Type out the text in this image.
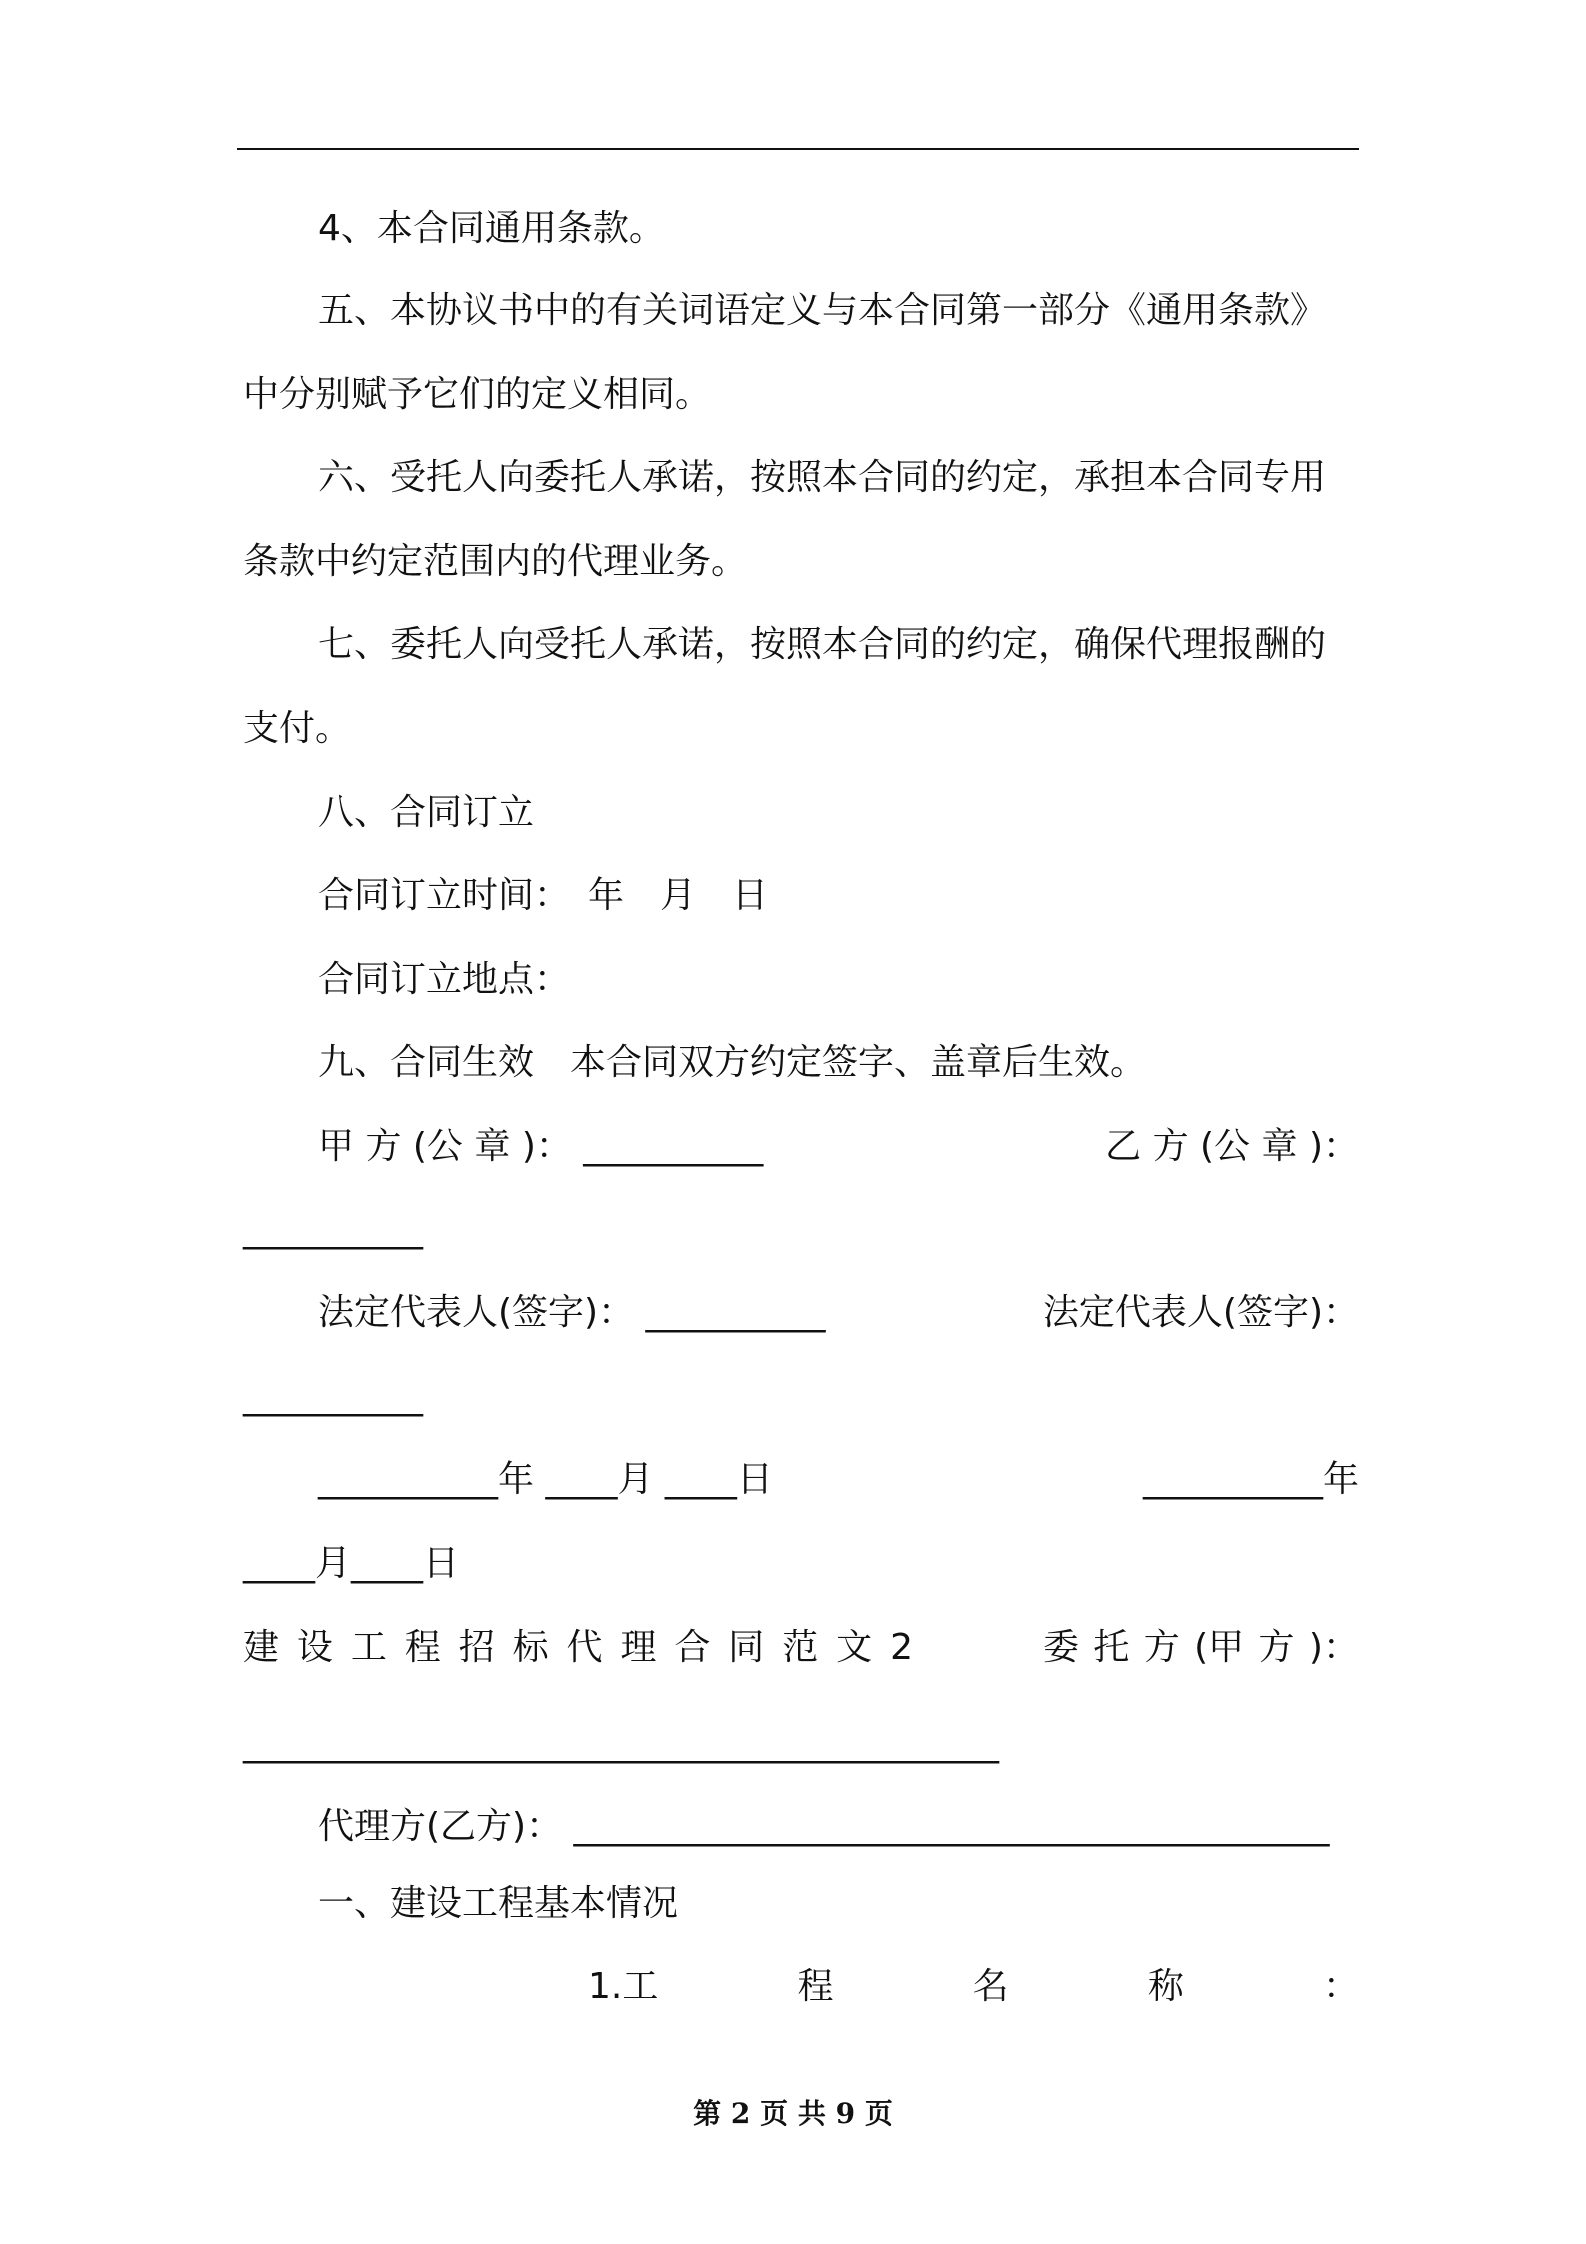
4、本合同通用条款。
五、本协议书中的有关词语定义与本合同第一部分《通用条款》
中分别赋予它们的定义相同。
六、受托人向委托人承诺，按照本合同的约定，承担本合同专用
条款中约定范围内的代理业务。
七、委托人向受托人承诺，按照本合同的约定，确保代理报酬的
支付。
八、合同订立
合同订立时间：　年　月　日
合同订立地点：
九、合同生效　本合同双方约定签字、盖章后生效。
甲 方 (公 章 )： __________	乙 方 (公 章 )：
__________
法定代表人(签字)： __________	法定代表人(签字)：
__________
__________年 ____月 ____日	__________年
____月____日
建 设 工 程 招 标 代 理 合 同 范 文 2	委 托 方 (甲 方 )：
__________________________________________
代理方(乙方)： __________________________________________
一、建设工程基本情况
1.工	程	名	称	：
第 2 页 共 9 页
